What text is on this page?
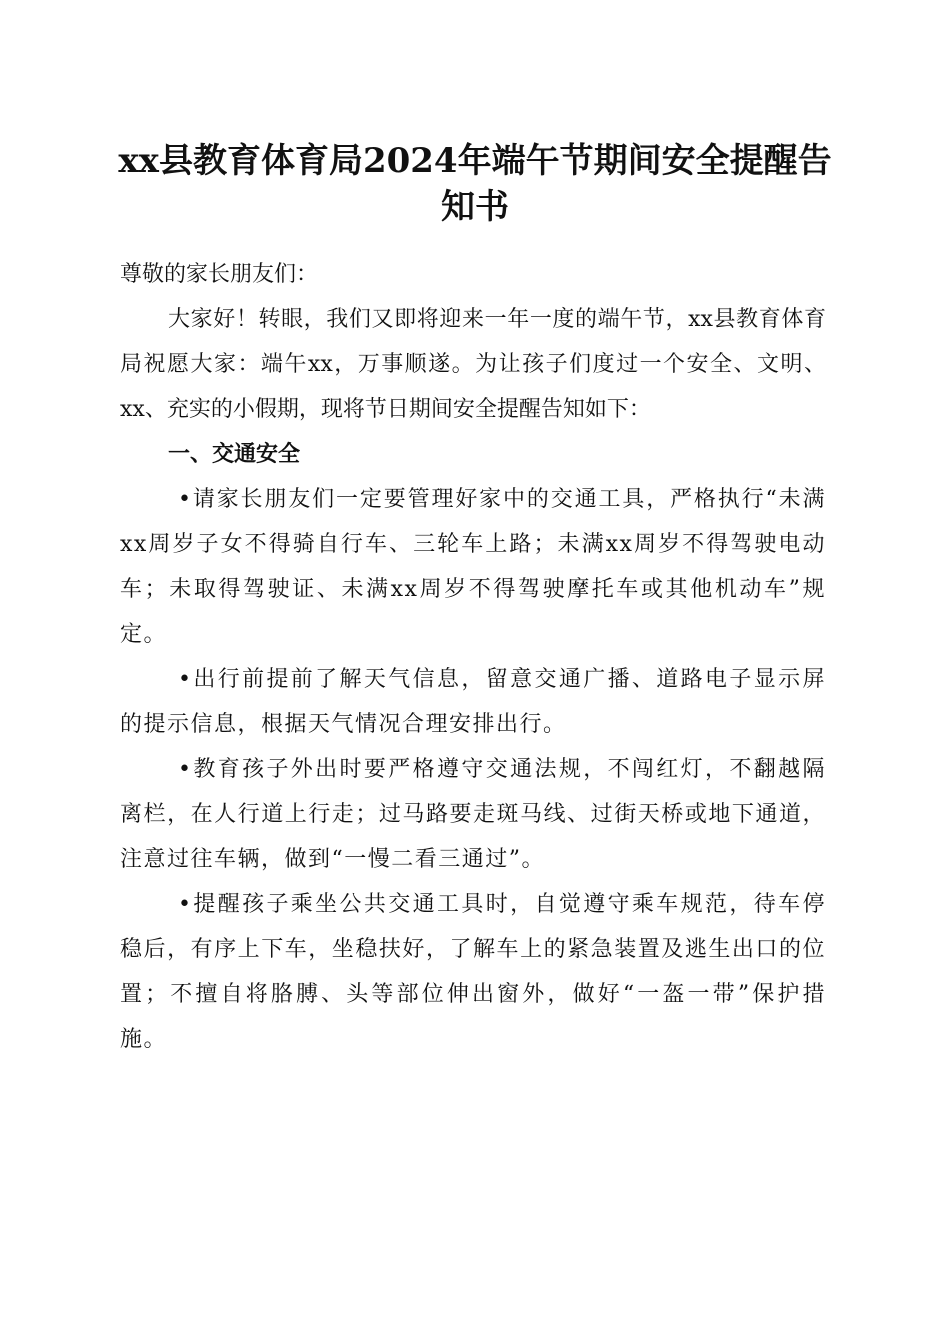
xx县教育体育局2024年端午节期间安全提醒告知书

尊敬的家长朋友们：

大家好！转眼，我们又即将迎来一年一度的端午节，xx县教育体育局祝愿大家：端午xx，万事顺遂。为让孩子们度过一个安全、文明、xx、充实的小假期，现将节日期间安全提醒告知如下：

一、交通安全

•请家长朋友们一定要管理好家中的交通工具，严格执行“未满xx周岁子女不得骑自行车、三轮车上路；未满xx周岁不得驾驶电动车；未取得驾驶证、未满xx周岁不得驾驶摩托车或其他机动车”规定。

•出行前提前了解天气信息，留意交通广播、道路电子显示屏的提示信息，根据天气情况合理安排出行。

•教育孩子外出时要严格遵守交通法规，不闯红灯，不翻越隔离栏，在人行道上行走；过马路要走斑马线、过街天桥或地下通道，注意过往车辆，做到“一慢二看三通过”。

•提醒孩子乘坐公共交通工具时，自觉遵守乘车规范，待车停稳后，有序上下车，坐稳扶好，了解车上的紧急装置及逃生出口的位置；不擅自将胳膊、头等部位伸出窗外，做好“一盔一带”保护措施。
